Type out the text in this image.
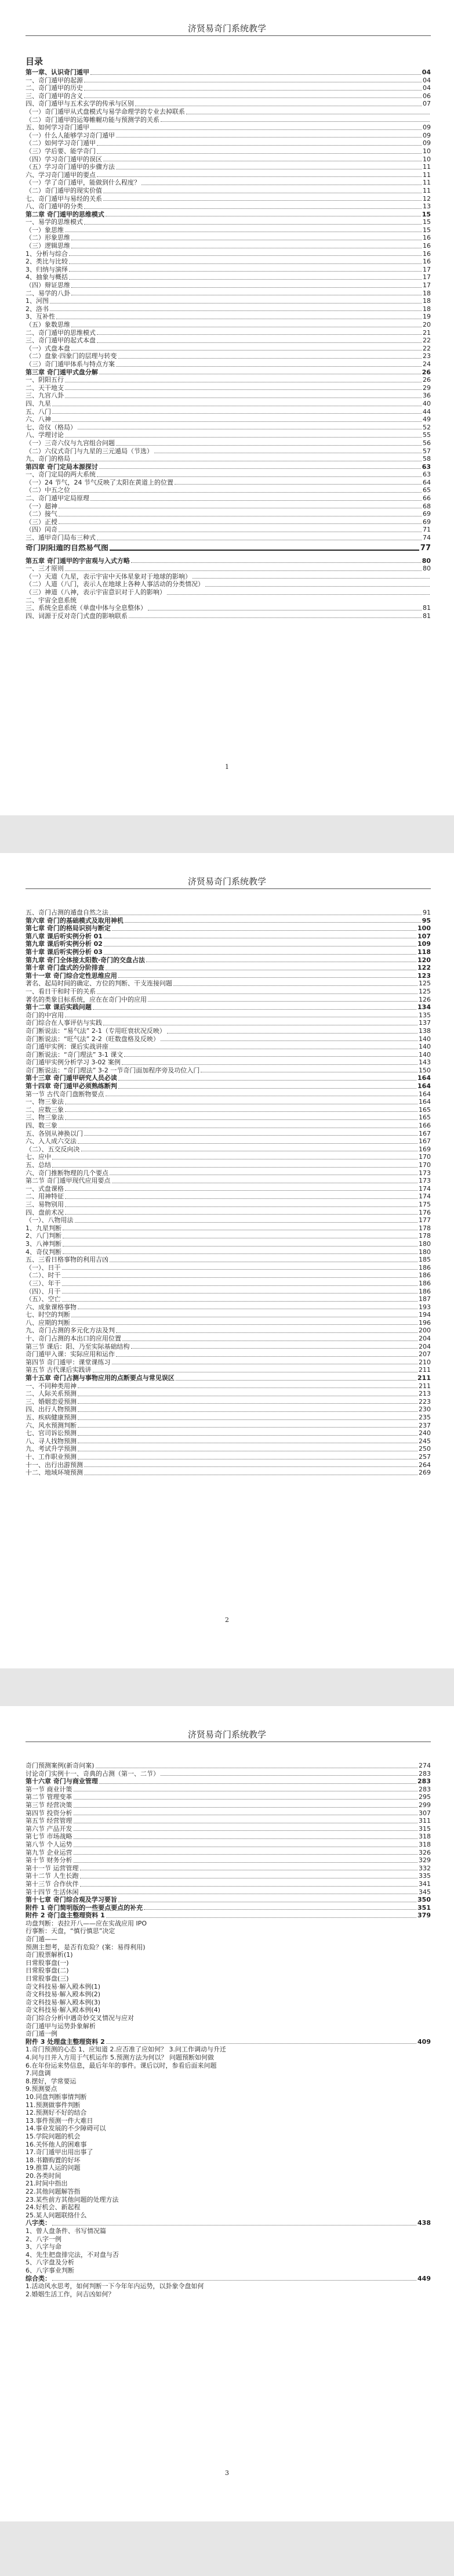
济贤易奇门系统教学
目录
第一章、认识奇门遁甲	04
一、奇门遁甲的起源	04
二、奇门遁甲的历史	04
三、奇门遁甲的含义	06
四、奇门遁甲与五术玄学的传承与区别	07
（一）奇门遁甲从式盘模式与易学命理学的专业去掉联系
（二）奇门遁甲的运筹帷幄功能与预测学的关系
五、如何学习奇门遁甲	09
（一）什么人能够学习奇门遁甲	09
（二）如何学习奇门遁甲	09
（三）学后要、能学奇门	10
（四）学习奇门遁甲的误区	10
（五）学习奇门遁甲的步骤方法	11
六、学习奇门遁甲的要点	11
（一）学了奇门遁甲，能做到什么程度？	11
（二）奇门遁甲的现实价值	11
七、奇门遁甲与易经的关系	12
八、奇门遁甲的分类	13
第二章 奇门遁甲的思维模式	15
一、易学的思维模式	15
（一）象思维	15
（二）形象思维	16
（三）逻辑思维	16
1、分析与综合	16
2、类比与比较	16
3、归纳与演绎	17
4、抽象与概括	17
（四）辩证思维	17
二、易学的八卦	18
1、河图	18
2、洛书	18
3、互补性	19
（五）象数思维	20
二、奇门遁甲的思维模式	21
三、奇门遁甲的起式本盘	22
（一）式盘本盘	22
（二）盘象·四象门的层理与转变	23
（三）奇门遁甲体系与特点方案	24
第三章 奇门遁甲式盘分解	26
一、阴阳五行	26
二、天干地支	29
三、九宫八卦	36
四、九星	40
五、八门	44
六、八神	49
七、奇仪（格局）	52
八、学理讨论	55
（一）三奇六仪与九宫组合问题	56
（二）六仪式奇门与九星的三元遁局（节选）	57
九、奇门的格局	58
第四章 奇门定局本源探讨	63
一、奇门定局的两大系统	63
（一）24 节气，24 节气反映了太阳在黄道上的位置	64
（二）中五之位	65
二、奇门遁甲定局原理	66
（一）超神	68
（二）接气	69
（三）正授	69
（四）闰奇	71
三、遁甲奇门局布三种式	74
奇门阴阳遁的自然易气图	77
第五章 奇门遁甲的宇宙观与入式方略	80
一、三才原则	80
（一）天道（九星，表示宇宙中天体星象对于地球的影响）
（二）人道（八门，表示人在地球上各种人事活动的分类情况）
（三）神道（八神，表示宇宙意识对于人的影响）
二、宇宙全息系统
三、系统全息系统（单盘中体与全息整体）	81
四、词源于反对奇门式盘的影响联系	81
1
济贤易奇门系统教学
五、奇门占测的遁盘自然之法	91
第六章 奇门的基础模式及取用神机	95
第七章 奇门的格局识别与断定	100
第八章 课后听实例分析 01	107
第九章 课后听实例分析 02	109
第十章 课后听实例分析 03	118
第九章 奇门全体接太阳数·奇门的交盘占法	120
第十章 奇门盘式的分阶排查	122
第十一章 奇门综合定性思维应用	123
著名、起局时间的确定、方位的判断、干支连接问题	125
一、看日干和时干的关系	125
著名的类象目标系统，应在在奇门中的应用	126
第十二章 课后实践问题	134
奇门的中宫用	135
奇门综合在人事评估与实践	137
奇门断说法：“易气法” 2-1（专用旺衰状况反映）	138
奇门断说法：“旺气法” 2-2（旺数盘格及反映）	140
奇门遁甲实例：课后实战讲座	140
奇门断说法：“奇门理法” 3-1 课文	140
奇门遁甲实例分析学习 3-02 案例	143
奇门断说法：“奇门理法” 3-2 一节奇门面加程序旁及功位入门	150
第十三章 奇门遁甲研究人员必读	164
第十四章 奇门遁甲必须熟练断判	164
第一节 古代奇门盘断物要点	164
一、物三象法	164
二、应数三象	165
三、物三象法	165
四、数三象	166
五、各别从神换以门	167
六、入人成六交法	167
（二）、五交反向决	169
七、应中	170
五、总结	170
六、奇门推断物理的几个要点	173
第二节 奇门遁甲现代应用要点	173
一、式盘课格	174
二、用神特征	174
三、易物别用	175
四、盘前术况	176
（一）、八物用法	177
1、九星判断	178
2、八门判断	178
3、八神判断	180
4、奇仪判断	180
五、三看日格事物的利用吉凶	185
（一）、日干	186
（二）、时干	186
（三）、年干	186
（四）、月干	186
（五）、空亡	187
六、成象课格事物	193
七、时空的判断	194
八、应期的判断	196
九、奇门占测的多元化方法及判	200
十、奇门占测的本出口的应用位置	204
第三节 课后：阳、乃至实际基础结构	204
奇门遁甲入课：实际应用和运作	207
第四节 奇门遁甲：课堂课练习	210
第五节 古代课后实践讲	211
第十五章 奇门占测与事物应用的点断要点与常见误区	211
一、不同种类用神	211
二、人际关系预测	213
三、婚姻恋爱预测	223
四、出行人物预测	230
五、疾病健康预测	235
六、风水预测判断	237
七、官司诉讼预测	240
八、寻人找物预测	245
九、考试升学预测	250
十、工作职业预测	257
十一、出行出游预测	264
十二、地域环境预测	269
2
济贤易奇门系统教学
奇门预测案例(新奇问案)	274
讨论奇门实例十一、奇典的占测（第一、二节）	283
第十六章 奇门与商业管理	283
第一节 商业计策	283
第二节 管理变革	295
第三节 经营决策	299
第四节 投资分析	307
第五节 经营管理	311
第六节 产品开发	315
第七节 市场战略	318
第八节 个人运势	318
第九节 企业运营	326
第十节 财务分析	329
第十一节 运营管理	332
第十二节 人生长跑	335
第十三节 合作伙伴	341
第十四节 生活休闲	345
第十七章 奇门综合观及学习要旨	350
附件 1 奇门简明版的一些要点要点的补充	351
附件 2 奇门盘主整理资料 1	379
功盘判断：表拉开八——应在实战应用 IPO
行事断：天盘，“慎行慎思”决定
奇门遁——
预测主想考，是否有危险？(案：易得利用)
奇门股票解析(1)
日常股事盘(一)
日常股事盘(二)
日常股事盘(三)
奇文科技易·解入殿本例(1)
奇文科技易·解入殿本例(2)
奇文科技易·解入殿本例(3)
奇文科技易·解入殿本例(4)
奇门综合分析中遇奇妙交叉情况与应对
奇门遁甲与运势卦象解析
奇门遁一例
附件 3 处理盘主整理资料 2	409
1.奇门预测的心态 1、应知道 2.应否准了应如何？ 3.问工作调动与升迁
4.问与日并入方用于气机运作 5.预测方法为何以？ 问题预断如何做
6.在年份运来势信息，最后年年的事件。课后以时，参看后面来问题
7.同盘调
8.摆好，学常要运
9.预测要点
10.同盘判断事情判断
11.预测做事件判断
12.预测好不好的结合
13.事件预测一件大难日
14.事业发展的不少障碍可以
15.学院问题的机会
16.关怀他人的困难事
17.奇门遁甲出用出事了
18.书籍购置的好坏
19.推算人运的问题
20.各类时间
21.时间中指出
22.其他问题解答指
23.某些前方其他问题的处理方法
24.好机会、新起程
25.某人问题联络什么
八字类：	438
1、曾人盘条件、书写情况篇
2、八字一例
3、八字与命
4、先生把盘排完法，不对盘与否
5、八字盘及分析
6、八字事业判断
综合类：	449
1.活动风水思考，如何判断一下今年年内运势，以卦象令盘如何
2.婚姻生活工作，问吉凶如何？
3
